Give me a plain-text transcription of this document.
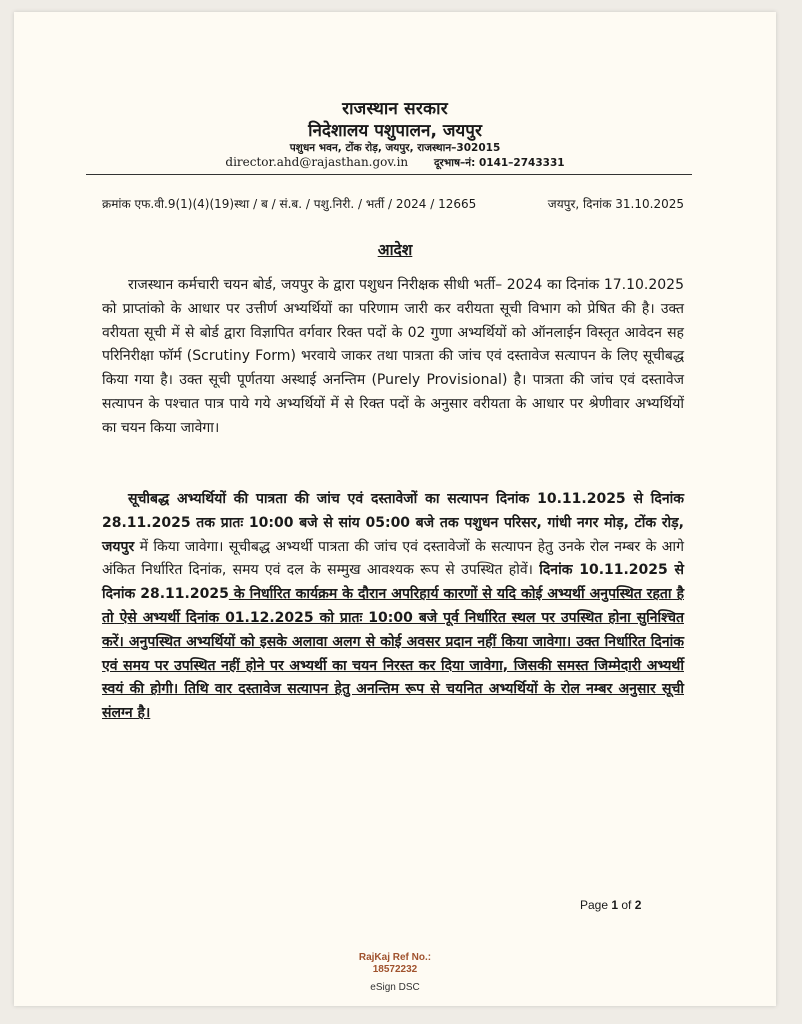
राजस्थान सरकार
निदेशालय पशुपालन, जयपुर
पशुधन भवन, टोंक रोड़, जयपुर, राजस्थान–302015
director.ahd@rajasthan.gov.in दूरभाष–नं: 0141–2743331
क्रमांक एफ.वी.9(1)(4)(19)स्था / ब / सं.ब. / पशु.निरी. / भर्ती / 2024 / 12665	जयपुर, दिनांक 31.10.2025
आदेश
राजस्थान कर्मचारी चयन बोर्ड, जयपुर के द्वारा पशुधन निरीक्षक सीधी भर्ती– 2024 का दिनांक 17.10.2025 को प्राप्तांको के आधार पर उत्तीर्ण अभ्यर्थियों का परिणाम जारी कर वरीयता सूची विभाग को प्रेषित की है। उक्त वरीयता सूची में से बोर्ड द्वारा विज्ञापित वर्गवार रिक्त पदों के 02 गुणा अभ्यर्थियों को ऑनलाईन विस्तृत आवेदन सह परिनिरीक्षा फॉर्म (Scrutiny Form) भरवाये जाकर तथा पात्रता की जांच एवं दस्तावेज सत्यापन के लिए सूचीबद्ध किया गया है। उक्त सूची पूर्णतया अस्थाई अनन्तिम (Purely Provisional) है। पात्रता की जांच एवं दस्तावेज सत्यापन के पश्चात पात्र पाये गये अभ्यर्थियों में से रिक्त पदों के अनुसार वरीयता के आधार पर श्रेणीवार अभ्यर्थियों का चयन किया जावेगा।
सूचीबद्ध अभ्यर्थियों की पात्रता की जांच एवं दस्तावेजों का सत्यापन दिनांक 10.11.2025 से दिनांक 28.11.2025 तक प्रातः 10:00 बजे से सांय 05:00 बजे तक पशुधन परिसर, गांधी नगर मोड़, टोंक रोड़, जयपुर में किया जावेगा। सूचीबद्ध अभ्यर्थी पात्रता की जांच एवं दस्तावेजों के सत्यापन हेतु उनके रोल नम्बर के आगे अंकित निर्धारित दिनांक, समय एवं दल के सम्मुख आवश्यक रूप से उपस्थित होवें। दिनांक 10.11.2025 से दिनांक 28.11.2025 के निर्धारित कार्यक्रम के दौरान अपरिहार्य कारणों से यदि कोई अभ्यर्थी अनुपस्थित रहता है तो ऐसे अभ्यर्थी दिनांक 01.12.2025 को प्रातः 10:00 बजे पूर्व निर्धारित स्थल पर उपस्थित होना सुनिश्चित करें। अनुपस्थित अभ्यर्थियों को इसके अलावा अलग से कोई अवसर प्रदान नहीं किया जावेगा। उक्त निर्धारित दिनांक एवं समय पर उपस्थित नहीं होने पर अभ्यर्थी का चयन निरस्त कर दिया जावेगा, जिसकी समस्त जिम्मेदारी अभ्यर्थी स्वयं की होगी। तिथि वार दस्तावेज सत्यापन हेतु अनन्तिम रूप से चयनित अभ्यर्थियों के रोल नम्बर अनुसार सूची संलग्न है।
Page 1 of 2
RajKaj Ref No.:
18572232
eSign DSC
